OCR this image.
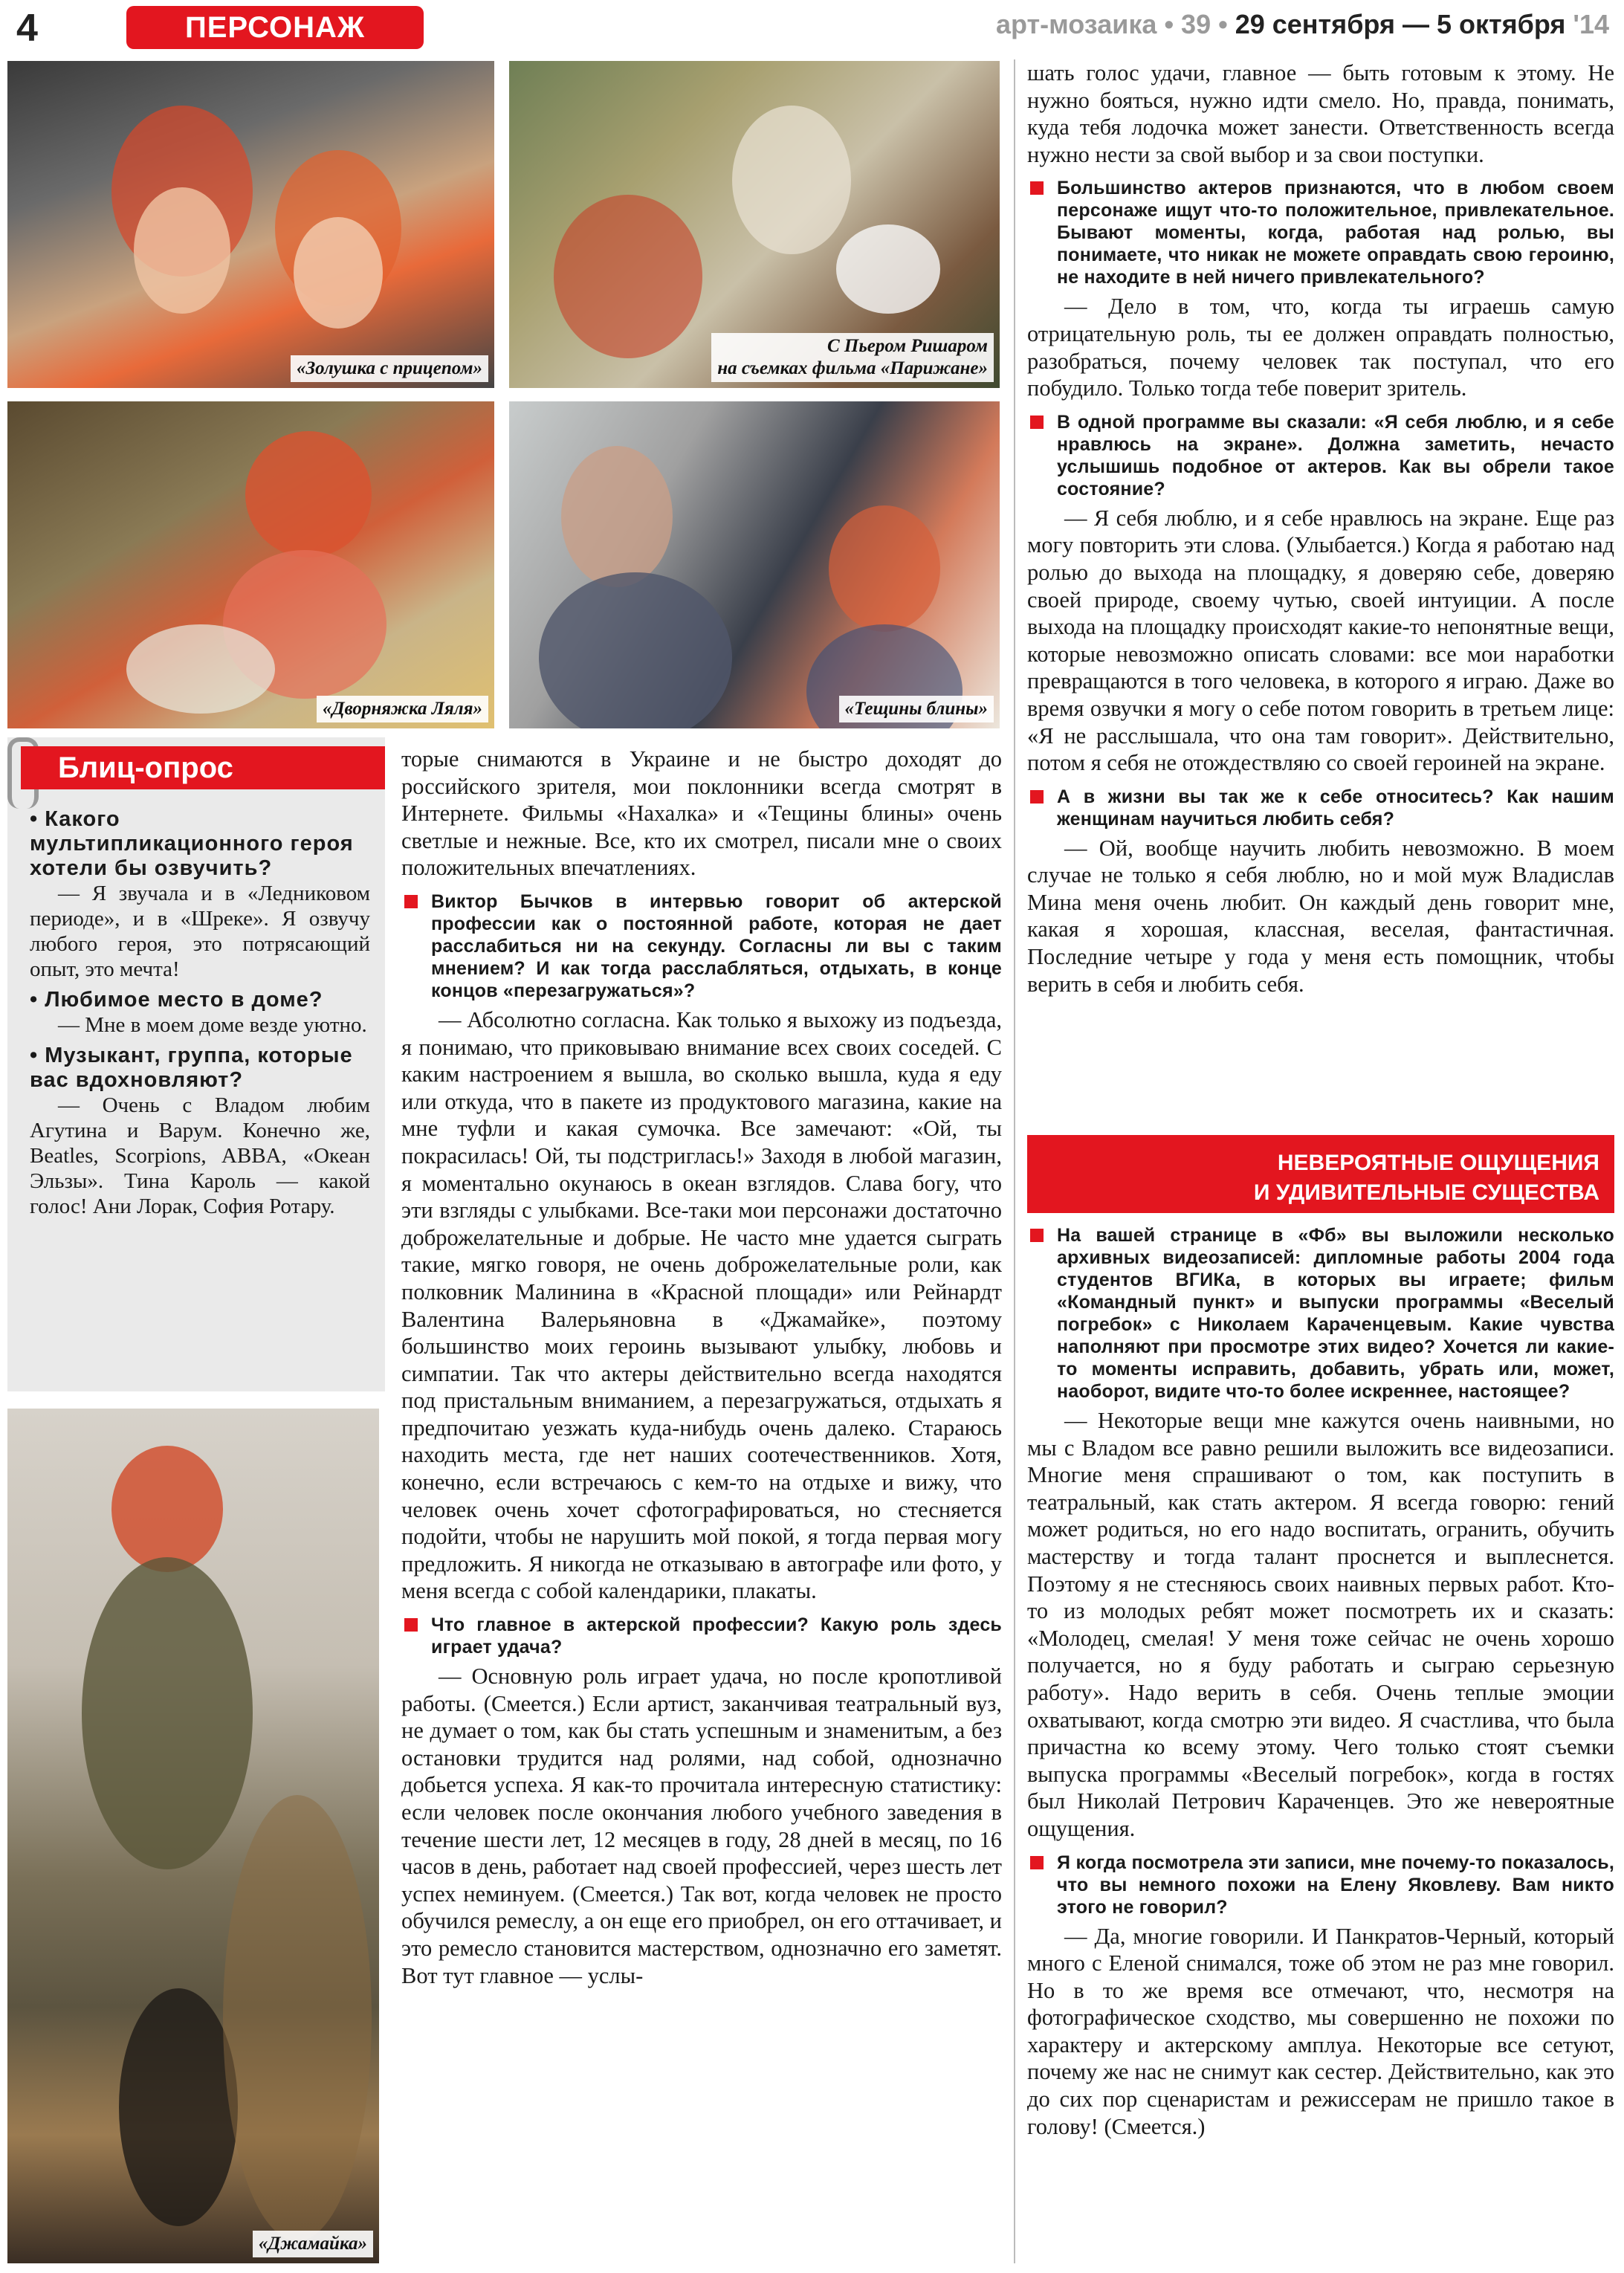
4	ПЕРСОНАЖ	арт-мозаика • 39 • 29 сентября — 5 октября '14
«Золушка с прицепом»
С Пьером Ришаром
на съемках фильма «Парижане»
«Дворняжка Ляля»	«Тещины блины»
«Джамайка»
Блиц-опрос
• Какого мультипликационного героя хотели бы озвучить?
— Я звучала и в «Ледниковом периоде», и в «Шреке». Я озвучу любого героя, это потрясающий опыт, это мечта!
• Любимое место в доме?
— Мне в моем доме везде уютно.
• Музыкант, группа, которые вас вдохновляют?
— Очень с Владом любим Агутина и Варум. Конечно же, Beatles, Scorpions, ABBA, «Океан Эльзы». Тина Кароль — какой голос! Ани Лорак, София Ротару.

торые снимаются в Украине и не быстро доходят до российского зрителя, мои поклонники всегда смотрят в Интернете. Фильмы «Нахалка» и «Тещины блины» очень светлые и нежные. Все, кто их смотрел, писали мне о своих положительных впечатлениях.

Виктор Бычков в интервью говорит об актерской профессии как о постоянной работе, которая не дает расслабиться ни на секунду. Согласны ли вы с таким мнением? И как тогда расслабляться, отдыхать, в конце концов «перезагружаться»?

— Абсолютно согласна. Как только я выхожу из подъезда, я понимаю, что приковываю внимание всех своих соседей. С каким настроением я вышла, во сколько вышла, куда я еду или откуда, что в пакете из продуктового магазина, какие на мне туфли и какая сумочка. Все замечают: «Ой, ты покрасилась! Ой, ты подстриглась!» Заходя в любой магазин, я моментально окунаюсь в океан взглядов. Слава богу, что эти взгляды с улыбками. Все-таки мои персонажи достаточно доброжелательные и добрые. Не часто мне удается сыграть такие, мягко говоря, не очень доброжелательные роли, как полковник Малинина в «Красной площади» или Рейнардт Валентина Валерьяновна в «Джамайке», поэтому большинство моих героинь вызывают улыбку, любовь и симпатии. Так что актеры действительно всегда находятся под пристальным вниманием, а перезагружаться, отдыхать я предпочитаю уезжать куда-нибудь очень далеко. Стараюсь находить места, где нет наших соотечественников. Хотя, конечно, если встречаюсь с кем-то на отдыхе и вижу, что человек очень хочет сфотографироваться, но стесняется подойти, чтобы не нарушить мой покой, я тогда первая могу предложить. Я никогда не отказываю в автографе или фото, у меня всегда с собой календарики, плакаты.

Что главное в актерской профессии? Какую роль здесь играет удача?

— Основную роль играет удача, но после кропотливой работы. (Смеется.) Если артист, заканчивая театральный вуз, не думает о том, как бы стать успешным и знаменитым, а без остановки трудится над ролями, над собой, однозначно добьется успеха. Я как-то прочитала интересную статистику: если человек после окончания любого учебного заведения в течение шести лет, 12 месяцев в году, 28 дней в месяц, по 16 часов в день, работает над своей профессией, через шесть лет успех неминуем. (Смеется.) Так вот, когда человек не просто обучился ремеслу, а он еще его приобрел, он его оттачивает, и это ремесло становится мастерством, однозначно его заметят. Вот тут главное — услы-

шать голос удачи, главное — быть готовым к этому. Не нужно бояться, нужно идти смело. Но, правда, понимать, куда тебя лодочка может занести. Ответственность всегда нужно нести за свой выбор и за свои поступки.

Большинство актеров признаются, что в любом своем персонаже ищут что-то положительное, привлекательное. Бывают моменты, когда, работая над ролью, вы понимаете, что никак не можете оправдать свою героиню, не находите в ней ничего привлекательного?

— Дело в том, что, когда ты играешь самую отрицательную роль, ты ее должен оправдать полностью, разобраться, почему человек так поступал, что его побудило. Только тогда тебе поверит зритель.

В одной программе вы сказали: «Я себя люблю, и я себе нравлюсь на экране». Должна заметить, нечасто услышишь подобное от актеров. Как вы обрели такое состояние?

— Я себя люблю, и я себе нравлюсь на экране. Еще раз могу повторить эти слова. (Улыбается.) Когда я работаю над ролью до выхода на площадку, я доверяю себе, доверяю своей природе, своему чутью, своей интуиции. А после выхода на площадку происходят какие-то непонятные вещи, которые невозможно описать словами: все мои наработки превращаются в того человека, в которого я играю. Даже во время озвучки я могу о себе потом говорить в третьем лице: «Я не расслышала, что она там говорит». Действительно, потом я себя не отождествляю со своей героиней на экране.

А в жизни вы так же к себе относитесь? Как нашим женщинам научиться любить себя?

— Ой, вообще научить любить невозможно. В моем случае не только я себя люблю, но и мой муж Владислав Мина меня очень любит. Он каждый день говорит мне, какая я хорошая, классная, веселая, фантастичная. Последние четыре у года у меня есть помощник, чтобы верить в себя и любить себя.

НЕВЕРОЯТНЫЕ ОЩУЩЕНИЯ
И УДИВИТЕЛЬНЫЕ СУЩЕСТВА
На вашей странице в «Фб» вы выложили несколько архивных видеозаписей: дипломные работы 2004 года студентов ВГИКа, в которых вы играете; фильм «Командный пункт» и выпуски программы «Веселый погребок» с Николаем Караченцевым. Какие чувства наполняют при просмотре этих видео? Хочется ли какие-то моменты исправить, добавить, убрать или, может, наоборот, видите что-то более искреннее, настоящее?

— Некоторые вещи мне кажутся очень наивными, но мы с Владом все равно решили выложить все видеозаписи. Многие меня спрашивают о том, как поступить в театральный, как стать актером. Я всегда говорю: гений может родиться, но его надо воспитать, огранить, обучить мастерству и тогда талант проснется и выплеснется. Поэтому я не стесняюсь своих наивных первых работ. Кто-то из молодых ребят может посмотреть их и сказать: «Молодец, смелая! У меня тоже сейчас не очень хорошо получается, но я буду работать и сыграю серьезную работу». Надо верить в себя. Очень теплые эмоции охватывают, когда смотрю эти видео. Я счастлива, что была причастна ко всему этому. Чего только стоят съемки выпуска программы «Веселый погребок», когда в гостях был Николай Петрович Караченцев. Это же невероятные ощущения.

Я когда посмотрела эти записи, мне почему-то показалось, что вы немного похожи на Елену Яковлеву. Вам никто этого не говорил?

— Да, многие говорили. И Панкратов-Черный, который много с Еленой снимался, тоже об этом не раз мне говорил. Но в то же время все отмечают, что, несмотря на фотографическое сходство, мы совершенно не похожи по характеру и актерскому амплуа. Некоторые все сетуют, почему же нас не снимут как сестер. Действительно, как это до сих пор сценаристам и режиссерам не пришло такое в голову! (Смеется.)
